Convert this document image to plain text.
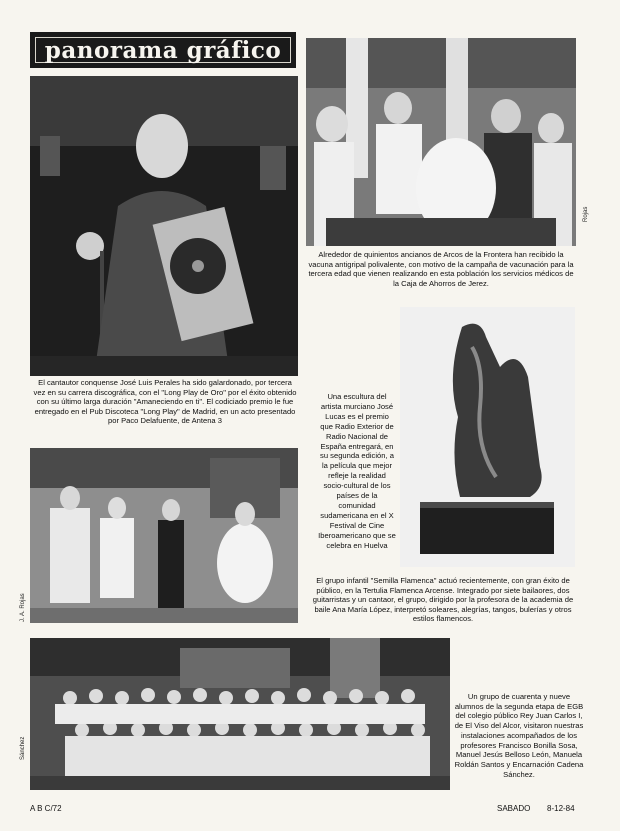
panorama gráfico
El cantautor conquense José Luis Perales ha sido galardonado, por tercera vez en su carrera discográfica, con el "Long Play de Oro" por el éxito obtenido con su último larga duración "Amaneciendo en ti". El codiciado premio le fue entregado en el Pub Discoteca "Long Play" de Madrid, en un acto presentado por Paco Delafuente, de Antena 3
Rojas
Alrededor de quinientos ancianos de Arcos de la Frontera han recibido la vacuna antigripal polivalente, con motivo de la campaña de vacunación para la tercera edad que vienen realizando en esta población los servicios médicos de la Caja de Ahorros de Jerez.
Una escultura del artista murciano José Lucas es el premio que Radio Exterior de Radio Nacional de España entregará, en su segunda edición, a la película que mejor refleje la realidad socio-cultural de los países de la comunidad sudamericana en el X Festival de Cine Iberoamericano que se celebra en Huelva
J. A. Rojas
El grupo infantil "Semilla Flamenca" actuó recientemente, con gran éxito de público, en la Tertulia Flamenca Arcense. Integrado por siete bailaores, dos guitarristas y un cantaor, el grupo, dirigido por la profesora de la academia de baile Ana María López, interpretó soleares, alegrías, tangos, bulerías y otros estilos flamencos.
Sánchez
Un grupo de cuarenta y nueve alumnos de la segunda etapa de EGB del colegio público Rey Juan Carlos I, de El Viso del Alcor, visitaron nuestras instalaciones acompañados de los profesores Francisco Bonilla Sosa, Manuel Jesús Belloso León, Manuela Roldán Santos y Encarnación Cadena Sánchez.
A B C/72	SABADO 8-12-84
